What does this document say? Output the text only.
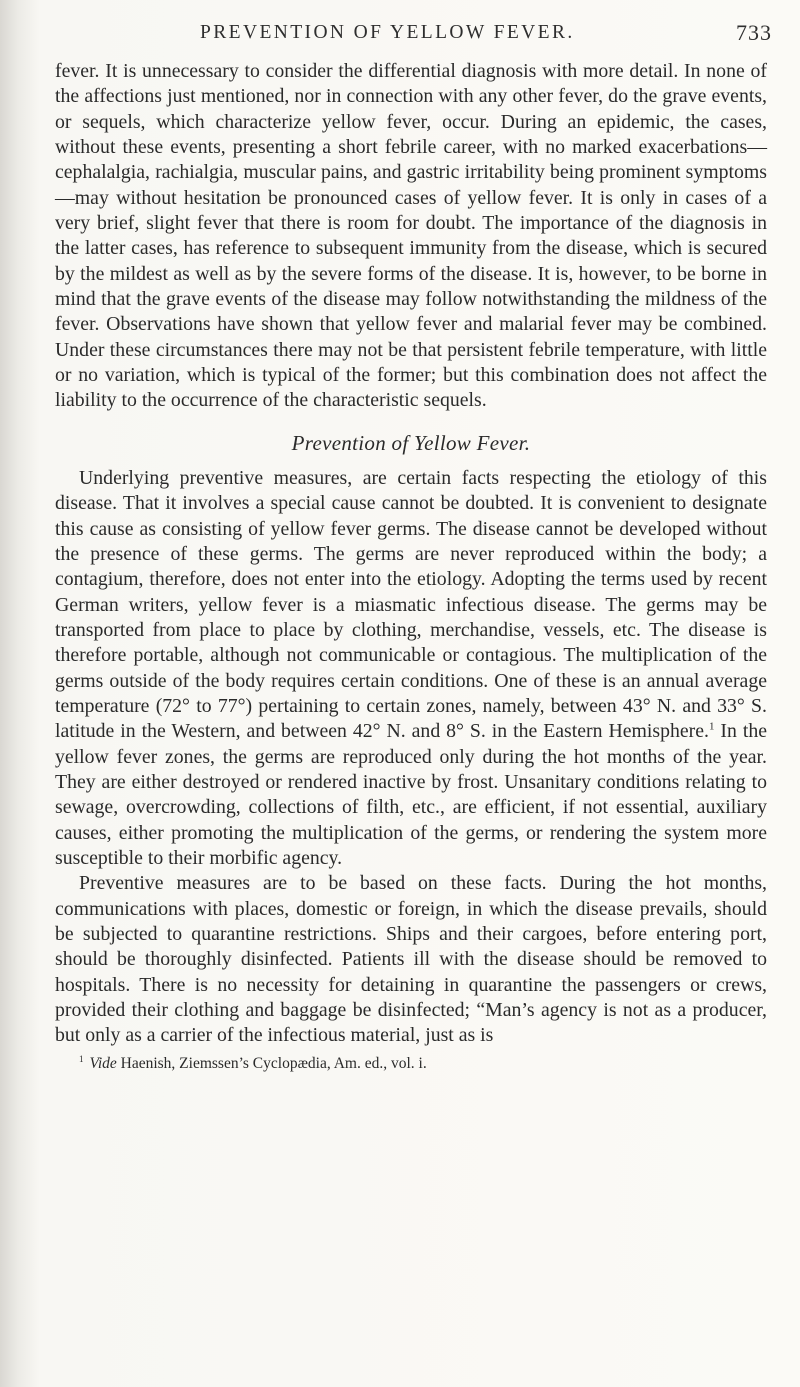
PREVENTION OF YELLOW FEVER.	733

fever. It is unnecessary to consider the differential diagnosis with more detail. In none of the affections just mentioned, nor in connection with any other fever, do the grave events, or sequels, which characterize yellow fever, occur. During an epidemic, the cases, without these events, presenting a short febrile career, with no marked exacerbations—cephalalgia, rachialgia, muscular pains, and gastric irritability being prominent symptoms—may without hesitation be pronounced cases of yellow fever. It is only in cases of a very brief, slight fever that there is room for doubt. The importance of the diagnosis in the latter cases, has reference to subsequent immunity from the disease, which is secured by the mildest as well as by the severe forms of the disease. It is, however, to be borne in mind that the grave events of the disease may follow notwithstanding the mildness of the fever. Observations have shown that yellow fever and malarial fever may be combined. Under these circumstances there may not be that persistent febrile temperature, with little or no variation, which is typical of the former; but this combination does not affect the liability to the occurrence of the characteristic sequels.

Prevention of Yellow Fever.

Underlying preventive measures, are certain facts respecting the etiology of this disease. That it involves a special cause cannot be doubted. It is convenient to designate this cause as consisting of yellow fever germs. The disease cannot be developed without the presence of these germs. The germs are never reproduced within the body; a contagium, therefore, does not enter into the etiology. Adopting the terms used by recent German writers, yellow fever is a miasmatic infectious disease. The germs may be transported from place to place by clothing, merchandise, vessels, etc. The disease is therefore portable, although not communicable or contagious. The multiplication of the germs outside of the body requires certain conditions. One of these is an annual average temperature (72° to 77°) pertaining to certain zones, namely, between 43° N. and 33° S. latitude in the Western, and between 42° N. and 8° S. in the Eastern Hemisphere.$^1$ In the yellow fever zones, the germs are reproduced only during the hot months of the year. They are either destroyed or rendered inactive by frost. Unsanitary conditions relating to sewage, overcrowding, collections of filth, etc., are efficient, if not essential, auxiliary causes, either promoting the multiplication of the germs, or rendering the system more susceptible to their morbific agency.

Preventive measures are to be based on these facts. During the hot months, communications with places, domestic or foreign, in which the disease prevails, should be subjected to quarantine restrictions. Ships and their cargoes, before entering port, should be thoroughly disinfected. Patients ill with the disease should be removed to hospitals. There is no necessity for detaining in quarantine the passengers or crews, provided their clothing and baggage be disinfected; “Man’s agency is not as a producer, but only as a carrier of the infectious material, just as is

$^1$ Vide Haenish, Ziemssen’s Cyclopædia, Am. ed., vol. i.
